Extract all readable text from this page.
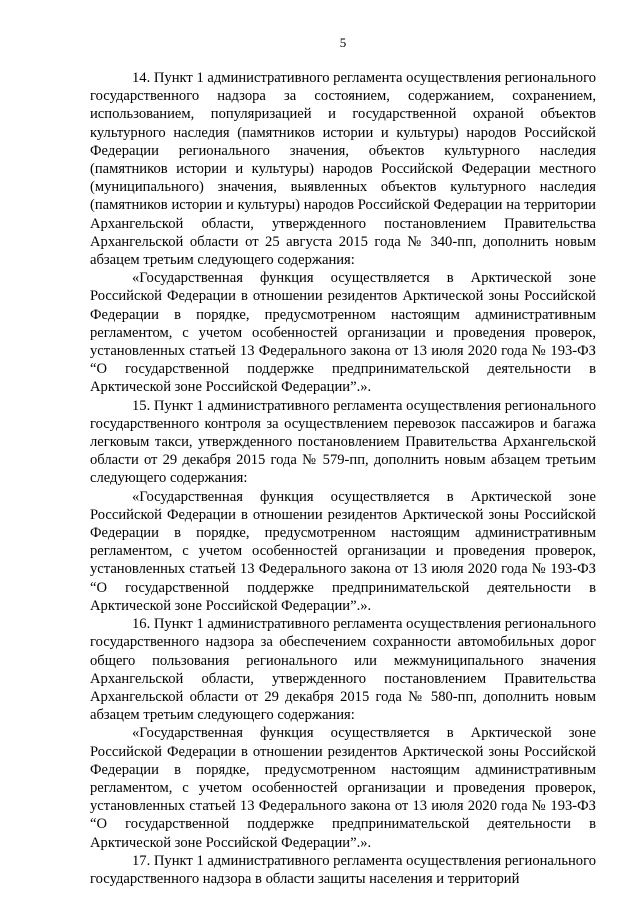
5

14. Пункт 1 административного регламента осуществления регионального государственного надзора за состоянием, содержанием, сохранением, использованием, популяризацией и государственной охраной объектов культурного наследия (памятников истории и культуры) народов Российской Федерации регионального значения, объектов культурного наследия (памятников истории и культуры) народов Российской Федерации местного (муниципального) значения, выявленных объектов культурного наследия (памятников истории и культуры) народов Российской Федерации на территории Архангельской области, утвержденного постановлением Правительства Архангельской области от 25 августа 2015 года № 340-пп, дополнить новым абзацем третьим следующего содержания:

«Государственная функция осуществляется в Арктической зоне Российской Федерации в отношении резидентов Арктической зоны Российской Федерации в порядке, предусмотренном настоящим административным регламентом, с учетом особенностей организации и проведения проверок, установленных статьей 13 Федерального закона от 13 июля 2020 года № 193-ФЗ “О государственной поддержке предпринимательской деятельности в Арктической зоне Российской Федерации”.».

15. Пункт 1 административного регламента осуществления регионального государственного контроля за осуществлением перевозок пассажиров и багажа легковым такси, утвержденного постановлением Правительства Архангельской области от 29 декабря 2015 года № 579-пп, дополнить новым абзацем третьим следующего содержания:

«Государственная функция осуществляется в Арктической зоне Российской Федерации в отношении резидентов Арктической зоны Российской Федерации в порядке, предусмотренном настоящим административным регламентом, с учетом особенностей организации и проведения проверок, установленных статьей 13 Федерального закона от 13 июля 2020 года № 193-ФЗ “О государственной поддержке предпринимательской деятельности в Арктической зоне Российской Федерации”.».

16. Пункт 1 административного регламента осуществления регионального государственного надзора за обеспечением сохранности автомобильных дорог общего пользования регионального или межмуниципального значения Архангельской области, утвержденного постановлением Правительства Архангельской области от 29 декабря 2015 года № 580-пп, дополнить новым абзацем третьим следующего содержания:

«Государственная функция осуществляется в Арктической зоне Российской Федерации в отношении резидентов Арктической зоны Российской Федерации в порядке, предусмотренном настоящим административным регламентом, с учетом особенностей организации и проведения проверок, установленных статьей 13 Федерального закона от 13 июля 2020 года № 193-ФЗ “О государственной поддержке предпринимательской деятельности в Арктической зоне Российской Федерации”.».

17. Пункт 1 административного регламента осуществления регионального государственного надзора в области защиты населения и территорий
